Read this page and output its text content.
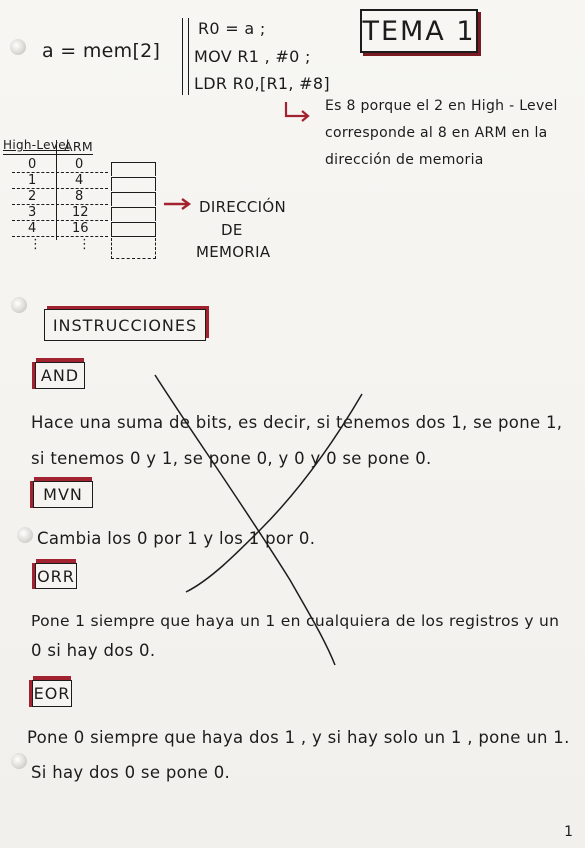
TEMA 1
a = mem[2]
R0 = a ;
MOV R1 , #0 ;
LDR R0,[R1, #8]
Es 8 porque el 2 en High - Level
corresponde al 8 en ARM en la
dirección de memoria
High-Level
ARM
0	0
1	4
2	8
3	12
4	16
⋮	⋮
DIRECCIÓN
DE
MEMORIA
INSTRUCCIONES
AND
Hace una suma de bits, es decir, si tenemos dos 1, se pone 1,
si tenemos 0 y 1, se pone 0, y 0 y 0 se pone 0.
MVN
Cambia los 0 por 1 y los 1 por 0.
ORR
Pone 1 siempre que haya un 1 en cualquiera de los registros y un
0 si hay dos 0.
EOR
Pone 0 siempre que haya dos 1 , y si hay solo un 1 , pone un 1.
Si hay dos 0 se pone 0.
1
